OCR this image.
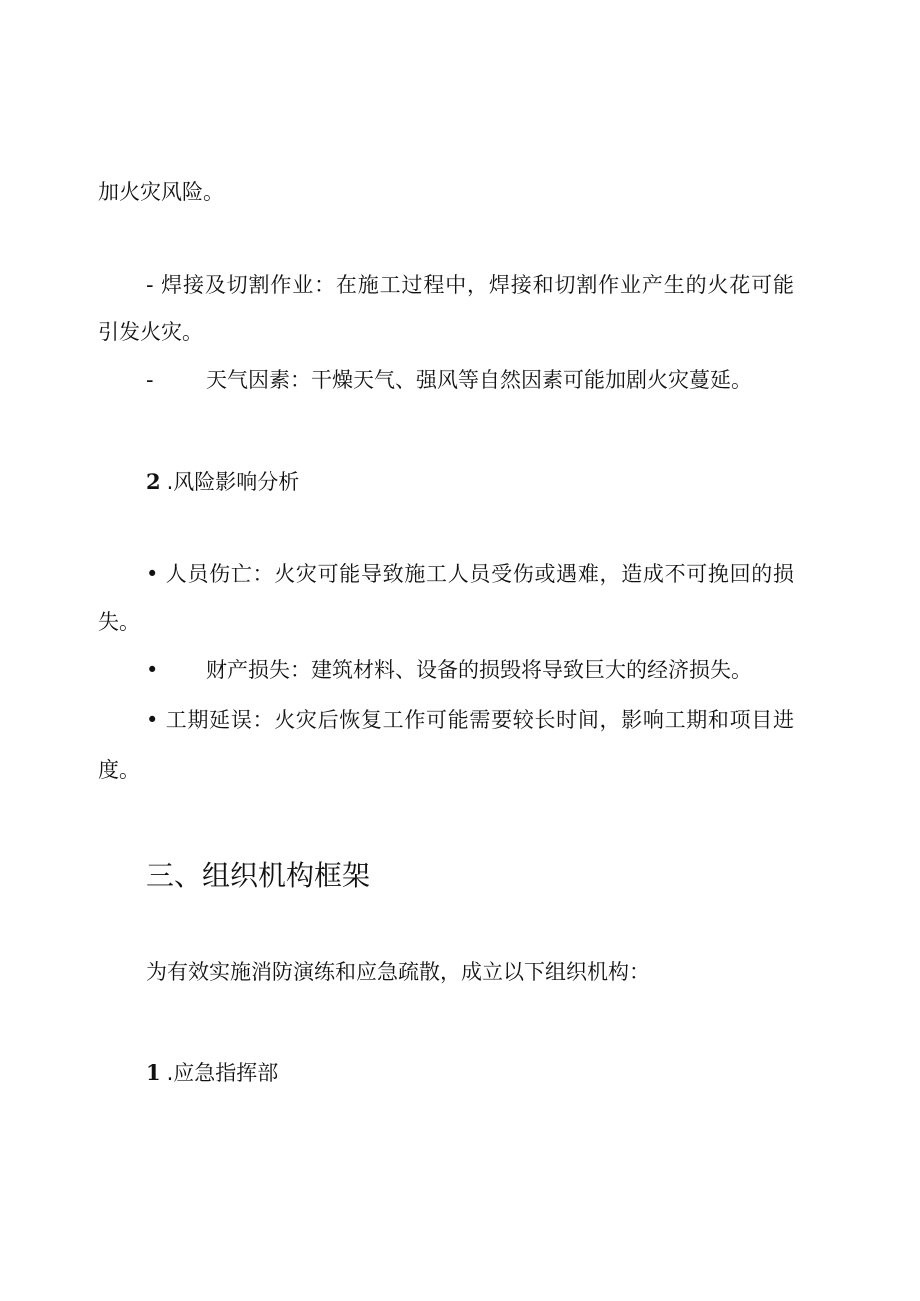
加火灾风险。

- 焊接及切割作业：在施工过程中，焊接和切割作业产生的火花可能

引发火灾。

-	天气因素：干燥天气、强风等自然因素可能加剧火灾蔓延。

2 .风险影响分析

• 人员伤亡：火灾可能导致施工人员受伤或遇难，造成不可挽回的损

失。

•	财产损失：建筑材料、设备的损毁将导致巨大的经济损失。

• 工期延误：火灾后恢复工作可能需要较长时间，影响工期和项目进

度。

三、组织机构框架

为有效实施消防演练和应急疏散，成立以下组织机构：

1 .应急指挥部
